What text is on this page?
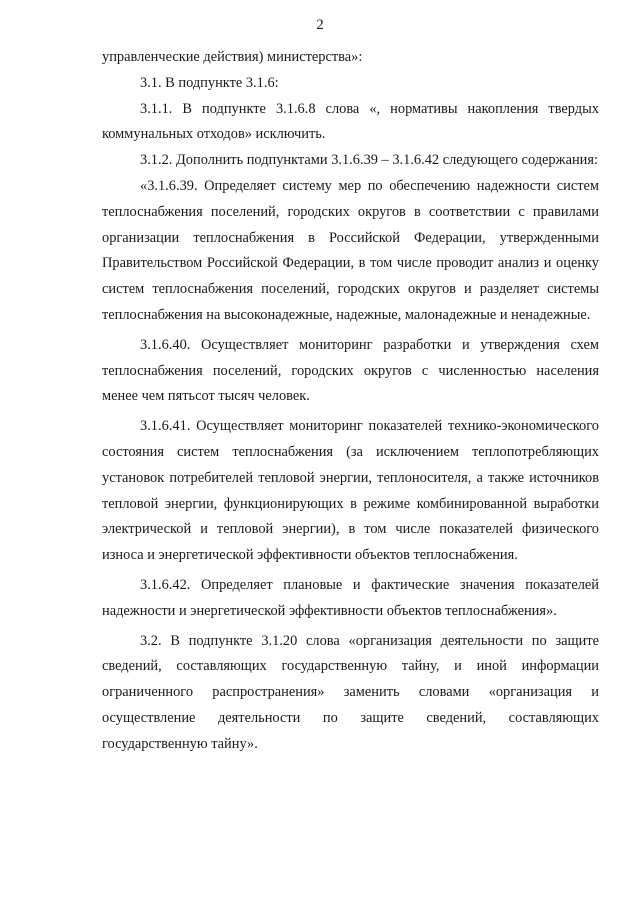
2

управленческие действия) министерства»:

3.1. В подпункте 3.1.6:

3.1.1. В подпункте 3.1.6.8 слова «, нормативы накопления твердых коммунальных отходов» исключить.

3.1.2. Дополнить подпунктами 3.1.6.39 – 3.1.6.42 следующего содержания:

«3.1.6.39. Определяет систему мер по обеспечению надежности систем теплоснабжения поселений, городских округов в соответствии с правилами организации теплоснабжения в Российской Федерации, утвержденными Правительством Российской Федерации, в том числе проводит анализ и оценку систем теплоснабжения поселений, городских округов и разделяет системы теплоснабжения на высоконадежные, надежные, малонадежные и ненадежные.

3.1.6.40. Осуществляет мониторинг разработки и утверждения схем теплоснабжения поселений, городских округов с численностью населения менее чем пятьсот тысяч человек.

3.1.6.41. Осуществляет мониторинг показателей технико-экономического состояния систем теплоснабжения (за исключением теплопотребляющих установок потребителей тепловой энергии, теплоносителя, а также источников тепловой энергии, функционирующих в режиме комбинированной выработки электрической и тепловой энергии), в том числе показателей физического износа и энергетической эффективности объектов теплоснабжения.

3.1.6.42. Определяет плановые и фактические значения показателей надежности и энергетической эффективности объектов теплоснабжения».

3.2. В подпункте 3.1.20 слова «организация деятельности по защите сведений, составляющих государственную тайну, и иной информации ограниченного распространения» заменить словами «организация и осуществление деятельности по защите сведений, составляющих государственную тайну».
